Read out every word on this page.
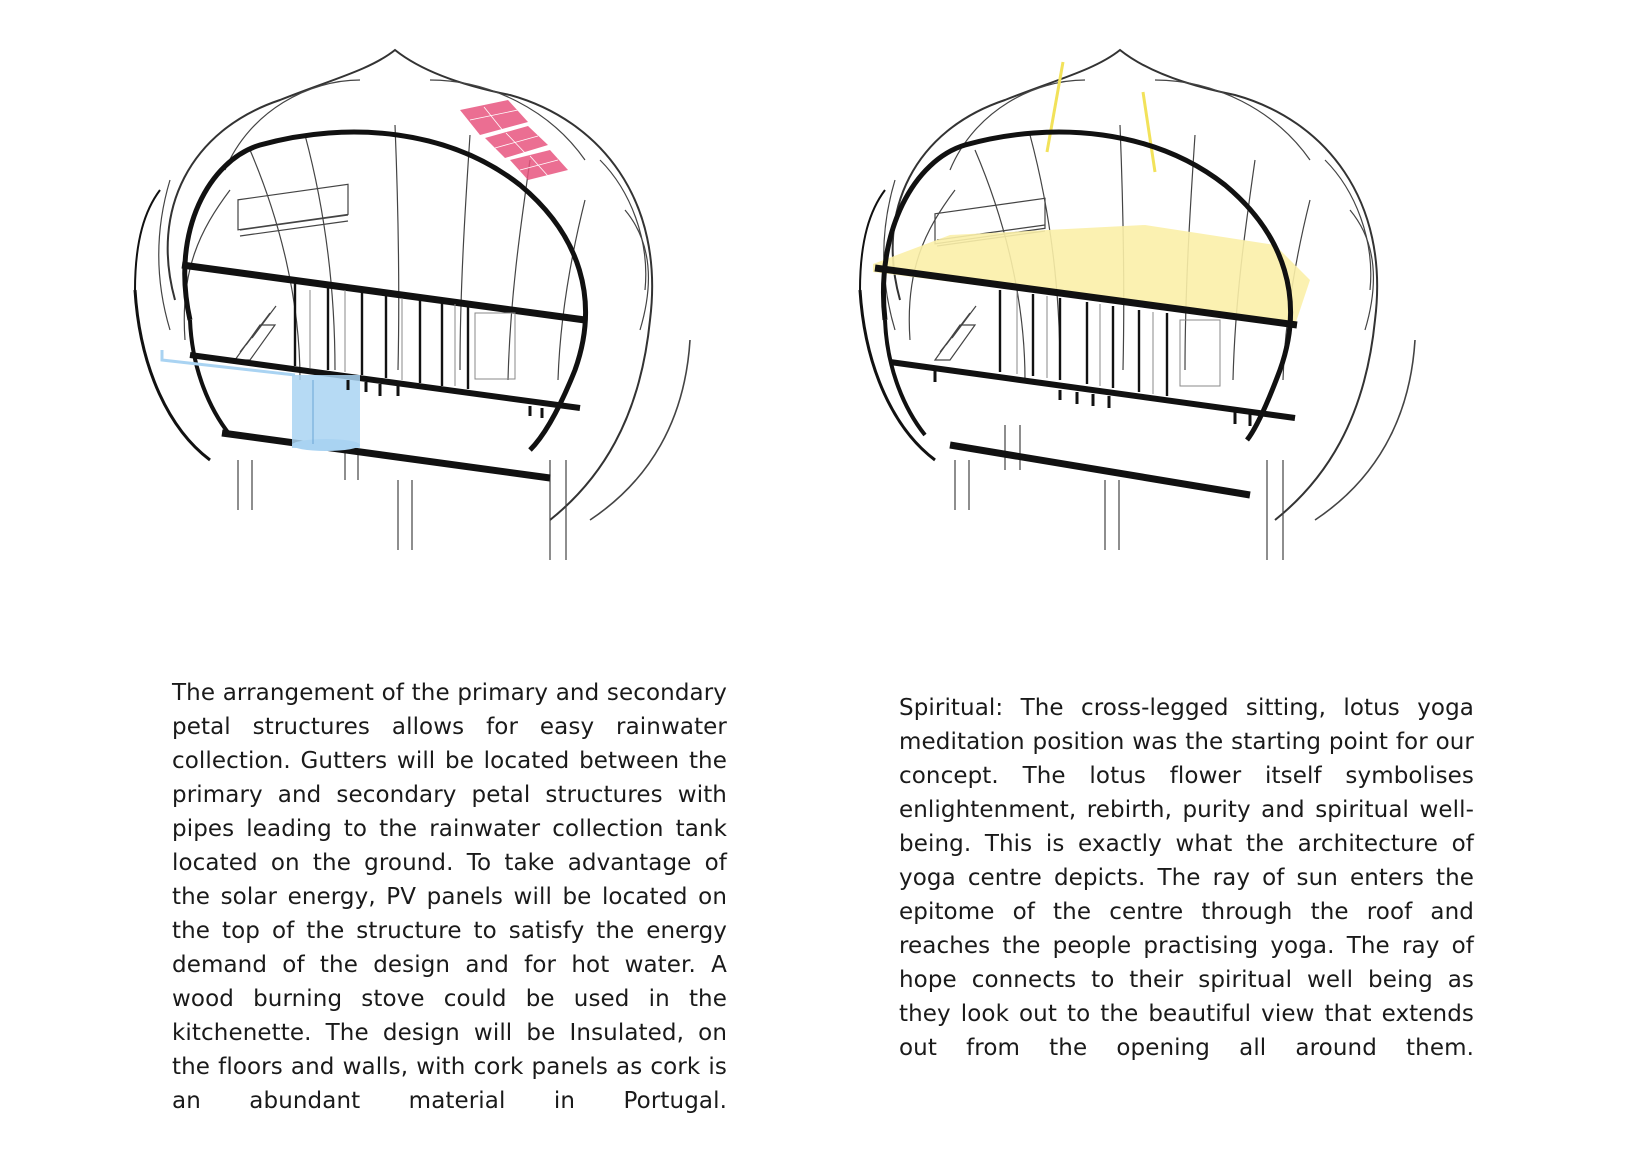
The arrangement of the primary and secondary petal structures allows for easy rainwater collection. Gutters will be located between the primary and secondary petal structures with pipes leading to the rainwater collection tank located on the ground. To take advantage of the solar energy, PV panels will be located on the top of the structure to satisfy the energy demand of the design and for hot water. A wood burning stove could be used in the kitchenette. The design will be Insulated, on the floors and walls, with cork panels as cork is an abundant material in Portugal.

Spiritual: The cross-legged sitting, lotus yoga meditation position was the starting point for our concept. The lotus flower itself symbolises enlightenment, rebirth, purity and spiritual well-being. This is exactly what the architecture of yoga centre depicts. The ray of sun enters the epitome of the centre through the roof and reaches the people practising yoga. The ray of hope connects to their spiritual well being as they look out to the beautiful view that extends out from the opening all around them.
